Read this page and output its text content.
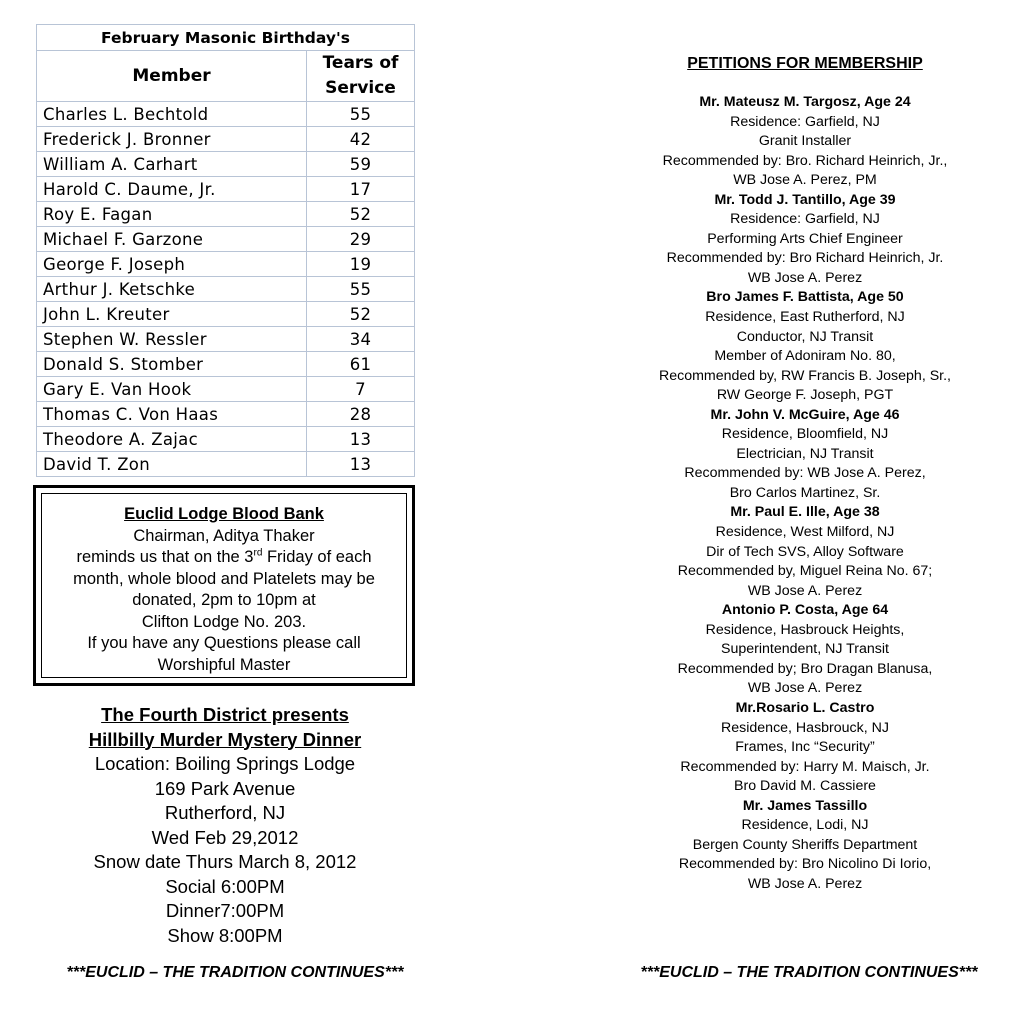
February Masonic Birthday's	
Member	Tears of
Service
Charles L. Bechtold	55
Frederick J. Bronner	42
William A. Carhart	59
Harold C. Daume, Jr.	17
Roy E. Fagan	52
Michael F. Garzone	29
George F. Joseph	19
Arthur J. Ketschke	55
John L. Kreuter	52
Stephen W. Ressler	34
Donald S. Stomber	61
Gary E. Van Hook	7
Thomas C. Von Haas	28
Theodore A. Zajac	13
David T. Zon	13
Euclid Lodge Blood Bank
Chairman, Aditya Thaker
reminds us that on the 3rd Friday of each
month, whole blood and Platelets may be
donated, 2pm to 10pm at
Clifton Lodge No. 203.
If you have any Questions please call
Worshipful Master
The Fourth District presents
Hillbilly Murder Mystery Dinner
Location: Boiling Springs Lodge
169 Park Avenue
Rutherford, NJ
Wed Feb 29,2012
Snow date Thurs March 8, 2012
Social 6:00PM
Dinner7:00PM
Show 8:00PM
***EUCLID – THE TRADITION CONTINUES***	***EUCLID – THE TRADITION CONTINUES***
PETITIONS FOR MEMBERSHIP
Mr. Mateusz M. Targosz, Age 24
Residence: Garfield, NJ
Granit Installer
Recommended by: Bro. Richard Heinrich, Jr.,
WB Jose A. Perez, PM
Mr. Todd J. Tantillo, Age 39
Residence: Garfield, NJ
Performing Arts Chief Engineer
Recommended by: Bro Richard Heinrich, Jr.
WB Jose A. Perez
Bro James F. Battista, Age 50
Residence, East Rutherford, NJ
Conductor, NJ Transit
Member of Adoniram No. 80,
Recommended by, RW Francis B. Joseph, Sr.,
RW George F. Joseph, PGT
Mr. John V. McGuire, Age 46
Residence, Bloomfield, NJ
Electrician, NJ Transit
Recommended by: WB Jose A. Perez,
Bro Carlos Martinez, Sr.
Mr. Paul E. Ille, Age 38
Residence, West Milford, NJ
Dir of Tech SVS, Alloy Software
Recommended by, Miguel Reina No. 67;
WB Jose A. Perez
Antonio P. Costa, Age 64
Residence, Hasbrouck Heights,
Superintendent, NJ Transit
Recommended by; Bro Dragan Blanusa,
WB Jose A. Perez
Mr.Rosario L. Castro
Residence, Hasbrouck, NJ
Frames, Inc “Security”
Recommended by: Harry M. Maisch, Jr.
Bro David M. Cassiere
Mr. James Tassillo
Residence, Lodi, NJ
Bergen County Sheriffs Department
Recommended by: Bro Nicolino Di Iorio,
WB Jose A. Perez
